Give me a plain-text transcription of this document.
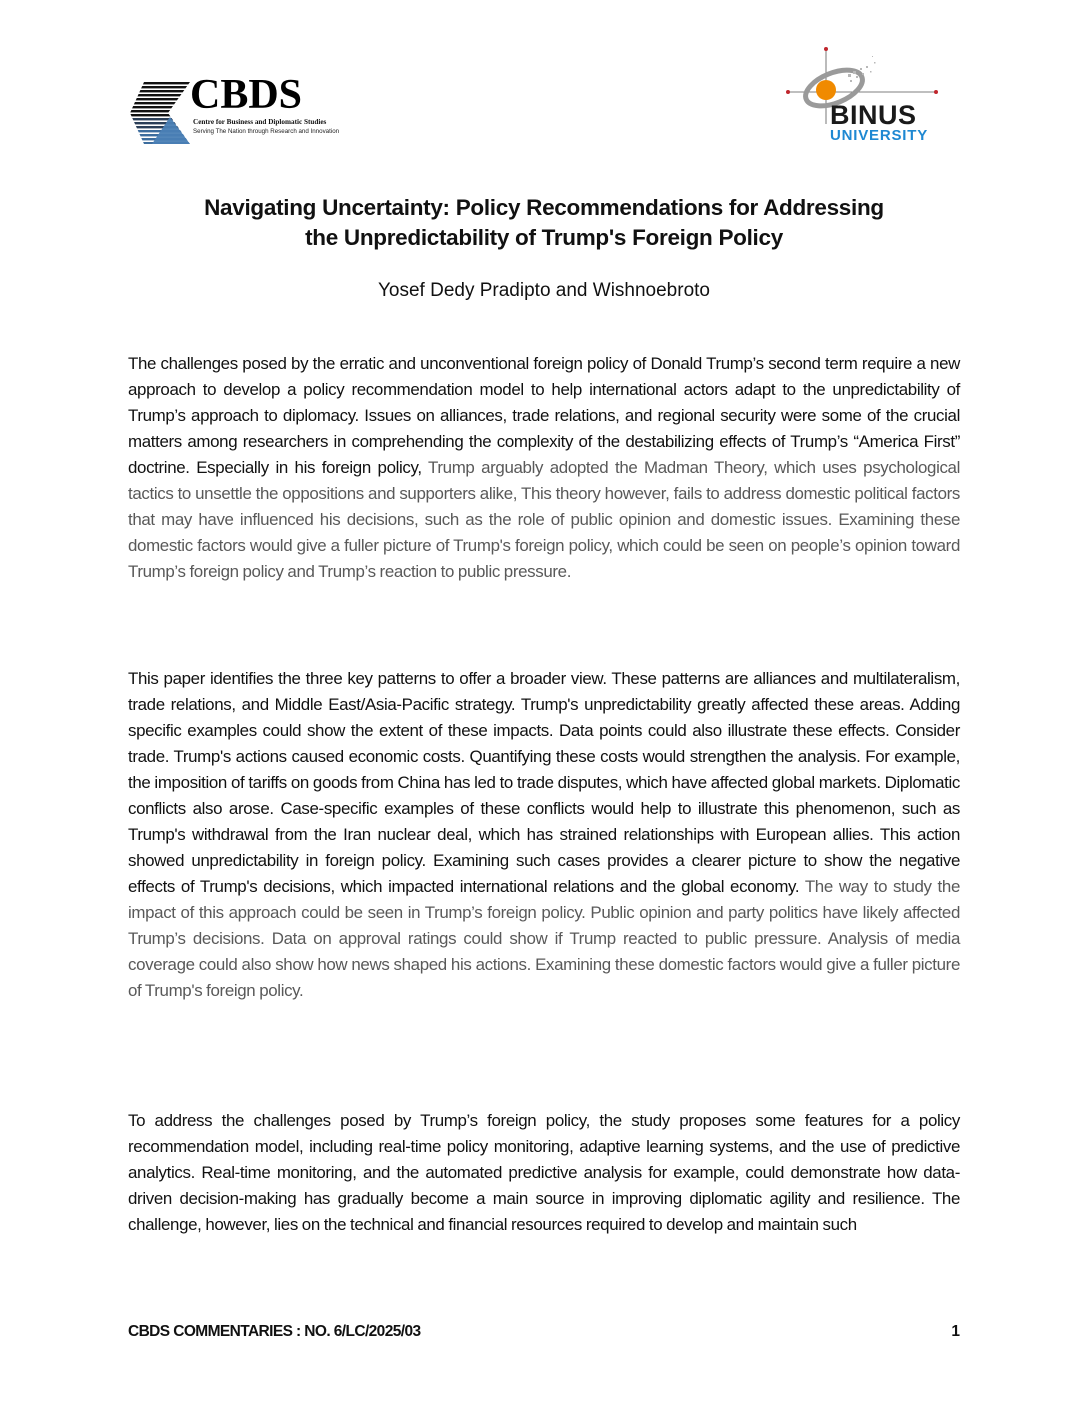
CBDS
Centre for Business and Diplomatic Studies
Serving The Nation through Research and Innovation
BINUS
UNIVERSITY
Navigating Uncertainty: Policy Recommendations for Addressing
the Unpredictability of Trump's Foreign Policy
Yosef Dedy Pradipto and Wishnoebroto

The challenges posed by the erratic and unconventional foreign policy of Donald Trump’s second term require a new approach to develop a policy recommendation model to help international actors adapt to the unpredictability of Trump’s approach to diplomacy. Issues on alliances, trade relations, and regional security were some of the crucial matters among researchers in comprehending the complexity of the destabilizing effects of Trump’s “America First” doctrine. Especially in his foreign policy, Trump arguably adopted the Madman Theory, which uses psychological tactics to unsettle the oppositions and supporters alike, This theory however, fails to address domestic political factors that may have influenced his decisions, such as the role of public opinion and domestic issues. Examining these domestic factors would give a fuller picture of Trump's foreign policy, which could be seen on people’s opinion toward Trump’s foreign policy and Trump’s reaction to public pressure.

This paper identifies the three key patterns to offer a broader view. These patterns are alliances and multilateralism, trade relations, and Middle East/Asia-Pacific strategy. Trump's unpredictability greatly affected these areas. Adding specific examples could show the extent of these impacts. Data points could also illustrate these effects. Consider trade. Trump's actions caused economic costs. Quantifying these costs would strengthen the analysis. For example, the imposition of tariffs on goods from China has led to trade disputes, which have affected global markets. Diplomatic conflicts also arose. Case-specific examples of these conflicts would help to illustrate this phenomenon, such as Trump's withdrawal from the Iran nuclear deal, which has strained relationships with European allies. This action showed unpredictability in foreign policy. Examining such cases provides a clearer picture to show the negative effects of Trump's decisions, which impacted international relations and the global economy. The way to study the impact of this approach could be seen in Trump’s foreign policy. Public opinion and party politics have likely affected Trump’s decisions. Data on approval ratings could show if Trump reacted to public pressure. Analysis of media coverage could also show how news shaped his actions. Examining these domestic factors would give a fuller picture of Trump's foreign policy.

To address the challenges posed by Trump’s foreign policy, the study proposes some features for a policy recommendation model, including real-time policy monitoring, adaptive learning systems, and the use of predictive analytics. Real-time monitoring, and the automated predictive analysis for example, could demonstrate how data-driven decision-making has gradually become a main source in improving diplomatic agility and resilience. The challenge, however, lies on the technical and financial resources required to develop and maintain such

CBDS COMMENTARIES : NO. 6/LC/2025/03	1
